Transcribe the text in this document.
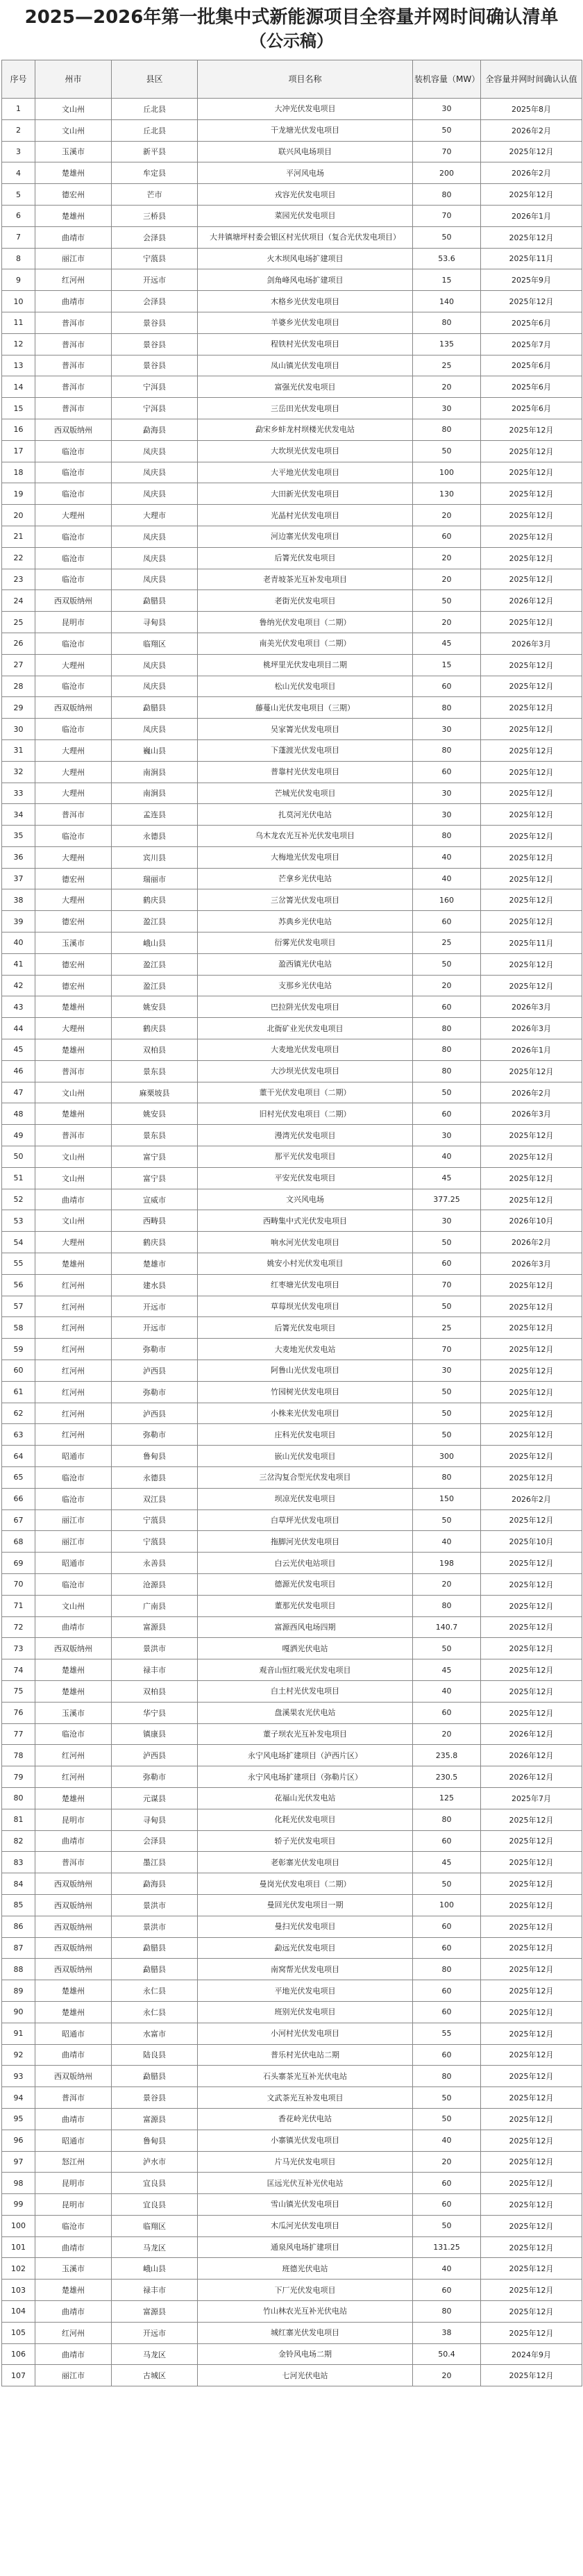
2025—2026年第一批集中式新能源项目全容量并网时间确认清单
（公示稿）
序号	州市	县区	项目名称	装机容量（MW）	全容量并网时间确认认值
1	文山州	丘北县	大冲光伏发电项目	30	2025年8月
2	文山州	丘北县	干龙塘光伏发电项目	50	2026年2月
3	玉溪市	新平县	联兴风电场项目	70	2025年12月
4	楚雄州	牟定县	平河风电场	200	2026年2月
5	德宏州	芒市	戎容光伏发电项目	80	2025年12月
6	楚雄州	三桥县	菜园光伏发电项目	70	2026年1月
7	曲靖市	会泽县	大井镇塘坪村委会银区村光伏项目（复合光伏发电项目）	50	2025年12月
8	丽江市	宁蒗县	火木坝风电场扩建项目	53.6	2025年11月
9	红河州	开远市	剑角峰风电场扩建项目	15	2025年9月
10	曲靖市	会泽县	木格乡光伏发电项目	140	2025年12月
11	普洱市	景谷县	羊婆乡光伏发电项目	80	2025年6月
12	普洱市	景谷县	程铁村光伏发电项目	135	2025年7月
13	普洱市	景谷县	凤山镇光伏发电项目	25	2025年6月
14	普洱市	宁洱县	富强光伏发电项目	20	2025年6月
15	普洱市	宁洱县	三岳田光伏发电项目	30	2025年6月
16	西双版纳州	勐海县	勐宋乡蚌龙村坝楼光伏发电站	80	2025年12月
17	临沧市	凤庆县	大坎坝光伏发电项目	50	2025年12月
18	临沧市	凤庆县	大平地光伏发电项目	100	2025年12月
19	临沧市	凤庆县	大田新光伏发电项目	130	2025年12月
20	大理州	大理市	光晶村光伏发电项目	20	2025年12月
21	临沧市	凤庆县	河边寨光伏发电项目	60	2025年12月
22	临沧市	凤庆县	后箐光伏发电项目	20	2025年12月
23	临沧市	凤庆县	老青坡茶光互补发电项目	20	2025年12月
24	西双版纳州	勐腊县	老街光伏发电项目	50	2026年12月
25	昆明市	寻甸县	鲁纳光伏发电项目（二期）	20	2025年12月
26	临沧市	临翔区	南美光伏发电项目（二期）	45	2026年3月
27	大理州	凤庆县	桃坪里光伏发电项目二期	15	2025年12月
28	临沧市	凤庆县	松山光伏发电项目	60	2025年12月
29	西双版纳州	勐腊县	藤蔓山光伏发电项目（三期）	80	2025年12月
30	临沧市	凤庆县	吴家箐光伏发电项目	30	2025年12月
31	大理州	巍山县	下蓬渡光伏发电项目	80	2025年12月
32	大理州	南涧县	普靠村光伏发电项目	60	2025年12月
33	大理州	南涧县	芒城光伏发电项目	30	2025年12月
34	普洱市	孟连县	扎莫河光伏电站	30	2025年12月
35	临沧市	永德县	乌木龙农光互补光伏发电项目	80	2025年12月
36	大理州	宾川县	大梅地光伏发电项目	40	2025年12月
37	德宏州	瑞丽市	芒拿乡光伏电站	40	2025年12月
38	大理州	鹤庆县	三岔箐光伏发电项目	160	2025年12月
39	德宏州	盈江县	苏典乡光伏电站	60	2025年12月
40	玉溪市	峨山县	衍雾光伏发电项目	25	2025年11月
41	德宏州	盈江县	盈西镇光伏电站	50	2025年12月
42	德宏州	盈江县	支那乡光伏电站	20	2025年12月
43	楚雄州	姚安县	巴拉阱光伏发电项目	60	2026年3月
44	大理州	鹤庆县	北衙矿业光伏发电项目	80	2026年3月
45	楚雄州	双柏县	大麦地光伏发电项目	80	2026年1月
46	普洱市	景东县	大沙坝光伏发电项目	80	2025年12月
47	文山州	麻栗坡县	董干光伏发电项目（二期）	50	2026年2月
48	楚雄州	姚安县	旧村光伏发电项目（二期）	60	2026年3月
49	普洱市	景东县	漫湾光伏发电项目	30	2025年12月
50	文山州	富宁县	那平光伏发电项目	40	2025年12月
51	文山州	富宁县	平安光伏发电项目	45	2025年12月
52	曲靖市	宣威市	文兴风电场	377.25	2025年12月
53	文山州	西畴县	西畴集中式光伏发电项目	30	2026年10月
54	大理州	鹤庆县	响水河光伏发电项目	50	2026年2月
55	楚雄州	楚雄市	姚安小村光伏发电项目	60	2026年3月
56	红河州	建水县	红枣塘光伏发电项目	70	2025年12月
57	红河州	开远市	草莓坝光伏发电项目	50	2025年12月
58	红河州	开远市	后箐光伏发电项目	25	2025年12月
59	红河州	弥勒市	大麦地光伏发电站	70	2025年12月
60	红河州	泸西县	阿鲁山光伏发电项目	30	2025年12月
61	红河州	弥勒市	竹园树光伏发电项目	50	2025年12月
62	红河州	泸西县	小株来光伏发电项目	50	2025年12月
63	红河州	弥勒市	庄科光伏发电项目	50	2025年12月
64	昭通市	鲁甸县	嵌山光伏发电项目	300	2025年12月
65	临沧市	永德县	三岔沟复合型光伏发电项目	80	2025年12月
66	临沧市	双江县	坝凉光伏发电项目	150	2026年2月
67	丽江市	宁蒗县	白草坪光伏发电项目	50	2025年12月
68	丽江市	宁蒗县	拖脚河光伏发电项目	40	2025年10月
69	昭通市	永善县	白云光伏电站项目	198	2025年12月
70	临沧市	沧源县	德源光伏发电项目	20	2025年12月
71	文山州	广南县	董那光伏发电项目	80	2025年12月
72	曲靖市	富源县	富源西风电场四期	140.7	2025年12月
73	西双版纳州	景洪市	嘎洒光伏电站	50	2025年12月
74	楚雄州	禄丰市	观音山恒红吸光伏发电项目	45	2025年12月
75	楚雄州	双柏县	白土村光伏发电项目	40	2025年12月
76	玉溪市	华宁县	盘溪果农光伏电站	60	2025年12月
77	临沧市	镇康县	董子坝农光互补发电项目	20	2026年12月
78	红河州	泸西县	永宁风电场扩建项目（泸西片区）	235.8	2026年12月
79	红河州	弥勒市	永宁风电场扩建项目（弥勒片区）	230.5	2026年12月
80	楚雄州	元谋县	花福山光伏发电站	125	2025年7月
81	昆明市	寻甸县	化耗光伏发电项目	80	2025年12月
82	曲靖市	会泽县	轿子光伏发电项目	60	2025年12月
83	普洱市	墨江县	老彰寨光伏发电项目	45	2025年12月
84	西双版纳州	勐海县	曼岗光伏发电项目（二期）	50	2025年12月
85	西双版纳州	景洪市	曼回光伏发电项目一期	100	2025年12月
86	西双版纳州	景洪市	曼扫光伏发电项目	60	2025年12月
87	西双版纳州	勐腊县	勐远光伏发电项目	60	2025年12月
88	西双版纳州	勐腊县	南窝帮光伏发电项目	80	2025年12月
89	楚雄州	永仁县	平地光伏发电项目	60	2025年12月
90	楚雄州	永仁县	班别光伏发电项目	60	2025年12月
91	昭通市	水富市	小河村光伏发电项目	55	2025年12月
92	曲靖市	陆良县	普乐村光伏电站二期	60	2025年12月
93	西双版纳州	勐腊县	石头寨茶光互补光伏电站	80	2025年12月
94	普洱市	景谷县	文武茶光互补发电项目	50	2025年12月
95	曲靖市	富源县	香花岭光伏电站	50	2025年12月
96	昭通市	鲁甸县	小寨镇光伏发电项目	40	2025年12月
97	怒江州	泸水市	片马光伏发电项目	20	2025年12月
98	昆明市	宜良县	匡远光伏互补光伏电站	60	2025年12月
99	昆明市	宜良县	雪山镇光伏发电项目	60	2025年12月
100	临沧市	临翔区	木瓜河光伏发电项目	50	2025年12月
101	曲靖市	马龙区	通泉风电场扩建项目	131.25	2025年12月
102	玉溪市	峨山县	班德光伏电站	40	2025年12月
103	楚雄州	禄丰市	下厂光伏发电项目	60	2025年12月
104	曲靖市	富源县	竹山林农光互补光伏电站	80	2025年12月
105	红河州	开远市	城红寨光伏发电项目	38	2025年12月
106	曲靖市	马龙区	金铃风电场二期	50.4	2024年9月
107	丽江市	古城区	七河光伏电站	20	2025年12月
